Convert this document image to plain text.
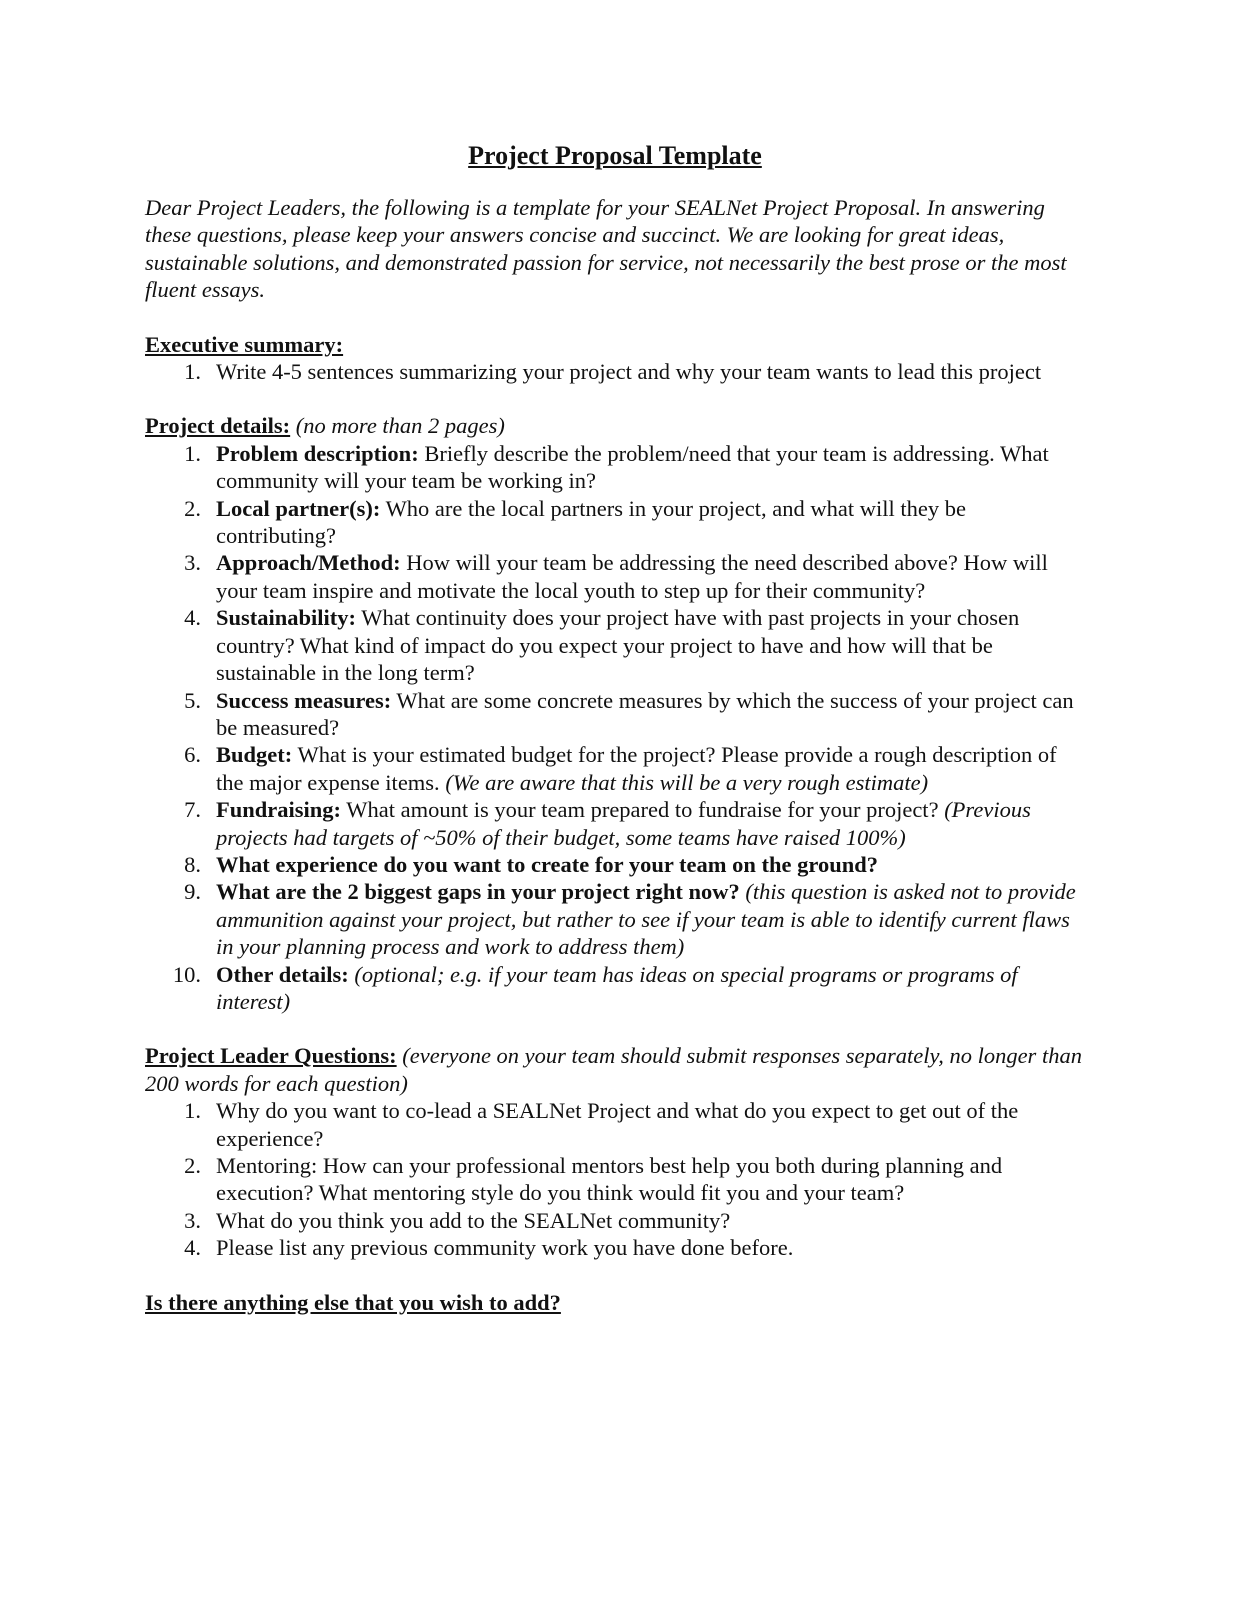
Project Proposal Template

Dear Project Leaders, the following is a template for your SEALNet Project Proposal. In answering these questions, please keep your answers concise and succinct. We are looking for great ideas, sustainable solutions, and demonstrated passion for service, not necessarily the best prose or the most fluent essays.

Executive summary:

1. Write 4-5 sentences summarizing your project and why your team wants to lead this project

Project details: (no more than 2 pages)

1. Problem description: Briefly describe the problem/need that your team is addressing. What community will your team be working in?
2. Local partner(s): Who are the local partners in your project, and what will they be contributing?
3. Approach/Method: How will your team be addressing the need described above? How will your team inspire and motivate the local youth to step up for their community?
4. Sustainability: What continuity does your project have with past projects in your chosen country? What kind of impact do you expect your project to have and how will that be sustainable in the long term?
5. Success measures: What are some concrete measures by which the success of your project can be measured?
6. Budget: What is your estimated budget for the project? Please provide a rough description of the major expense items. (We are aware that this will be a very rough estimate)
7. Fundraising: What amount is your team prepared to fundraise for your project? (Previous projects had targets of ~50% of their budget, some teams have raised 100%)
8. What experience do you want to create for your team on the ground?
9. What are the 2 biggest gaps in your project right now? (this question is asked not to provide ammunition against your project, but rather to see if your team is able to identify current flaws in your planning process and work to address them)
10. Other details: (optional; e.g. if your team has ideas on special programs or programs of interest)

Project Leader Questions: (everyone on your team should submit responses separately, no longer than 200 words for each question)

1. Why do you want to co-lead a SEALNet Project and what do you expect to get out of the experience?
2. Mentoring: How can your professional mentors best help you both during planning and execution? What mentoring style do you think would fit you and your team?
3. What do you think you add to the SEALNet community?
4. Please list any previous community work you have done before.

Is there anything else that you wish to add?
